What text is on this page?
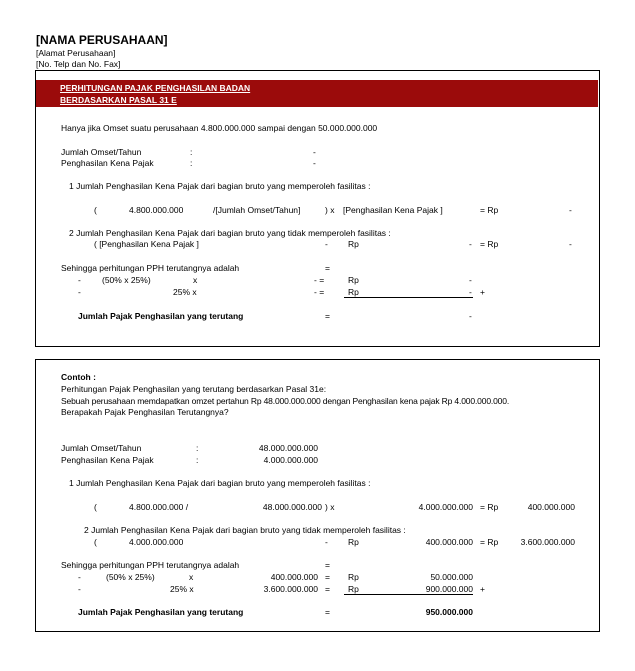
[NAMA PERUSAHAAN]
[Alamat Perusahaan]
[No. Telp dan No. Fax]
PERHITUNGAN PAJAK PENGHASILAN BADAN
BERDASARKAN PASAL 31 E
Hanya jika Omset suatu perusahaan 4.800.000.000 sampai dengan 50.000.000.000
Jumlah Omset/Tahun	:	-
Penghasilan Kena Pajak	:	-
1 Jumlah Penghasilan Kena Pajak dari bagian bruto yang memperoleh fasilitas :
(	4.800.000.000	/[Jumlah Omset/Tahun]	) x [Penghasilan Kena Pajak ]	= Rp	-
2 Jumlah Penghasilan Kena Pajak dari bagian bruto yang tidak memperoleh fasilitas :
( [Penghasilan Kena Pajak ]	- Rp	- = Rp	-
Sehingga perhitungan PPH terutangnya adalah	=
- (50% x 25%)	x	- =	Rp	-
-	25% x	- =	Rp	- +
Jumlah Pajak Penghasilan yang terutang	=	-
Contoh :
Perhitungan Pajak Penghasilan yang terutang berdasarkan Pasal 31e:
Sebuah perusahaan memdapatkan omzet pertahun Rp 48.000.000.000 dengan Penghasilan kena pajak Rp 4.000.000.000.
Berapakah Pajak Penghasilan Terutangnya?
Jumlah Omset/Tahun	:	48.000.000.000
Penghasilan Kena Pajak	:	4.000.000.000
1 Jumlah Penghasilan Kena Pajak dari bagian bruto yang memperoleh fasilitas :
(	4.800.000.000 /	48.000.000.000 ) x	4.000.000.000 = Rp	400.000.000
2 Jumlah Penghasilan Kena Pajak dari bagian bruto yang tidak memperoleh fasilitas :
(	4.000.000.000	- Rp	400.000.000 = Rp	3.600.000.000
Sehingga perhitungan PPH terutangnya adalah	=
-	(50% x 25%)	x	400.000.000 = Rp	50.000.000
-	25% x	3.600.000.000 = Rp	900.000.000 +
Jumlah Pajak Penghasilan yang terutang	=	950.000.000
